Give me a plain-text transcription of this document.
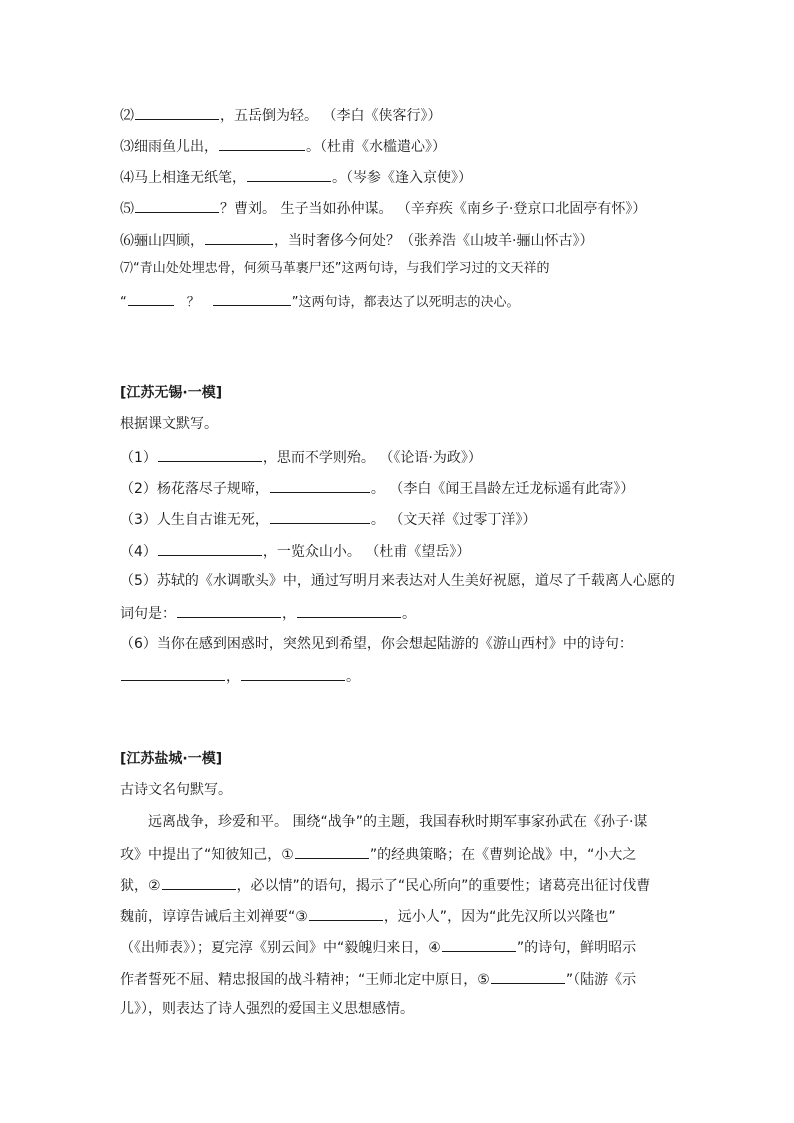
⑵	，五岳倒为轻。 （李白《侠客行》）
⑶细雨鱼儿出，	。（杜甫《水槛遣心》）
⑷马上相逢无纸笔，	。（岑参《逢入京使》）
⑸	？曹刘。 生子当如孙仲谋。 （辛弃疾《南乡子·登京口北固亭有怀》）
⑹骊山四顾，	，当时奢侈今何处？（张养浩《山坡羊·骊山怀古》）
⑺“青山处处埋忠骨，何须马革裹尸还”这两句诗，与我们学习过的文天祥的
“	？	”这两句诗，都表达了以死明志的决心。
[江苏无锡·一模]
根据课文默写。
（1）	，思而不学则殆。 （《论语·为政》）
（2）杨花落尽子规啼，	。 （李白《闻王昌龄左迁龙标遥有此寄》）
（3）人生自古谁无死，	。 （文天祥《过零丁洋》）
（4）	，一览众山小。 （杜甫《望岳》）
（5）苏轼的《水调歌头》中，通过写明月来表达对人生美好祝愿，道尽了千载离人心愿的
词句是：	，	。
（6）当你在感到困惑时，突然见到希望，你会想起陆游的《游山西村》中的诗句：
，	。
[江苏盐城·一模]
古诗文名句默写。
远离战争，珍爱和平。 围绕“战争”的主题，我国春秋时期军事家孙武在《孙子·谋
攻》中提出了“知彼知己，①	”的经典策略；在《曹刿论战》中，“小大之
狱，②	，必以情”的语句，揭示了“民心所向”的重要性；诸葛亮出征讨伐曹
魏前，谆谆告诫后主刘禅要“③	，远小人”，因为“此先汉所以兴隆也”
（《出师表》）；夏完淳《别云间》中“毅魄归来日，④	”的诗句，鲜明昭示
作者誓死不屈、精忠报国的战斗精神；“王师北定中原日，⑤	”（陆游《示
儿》），则表达了诗人强烈的爱国主义思想感情。
